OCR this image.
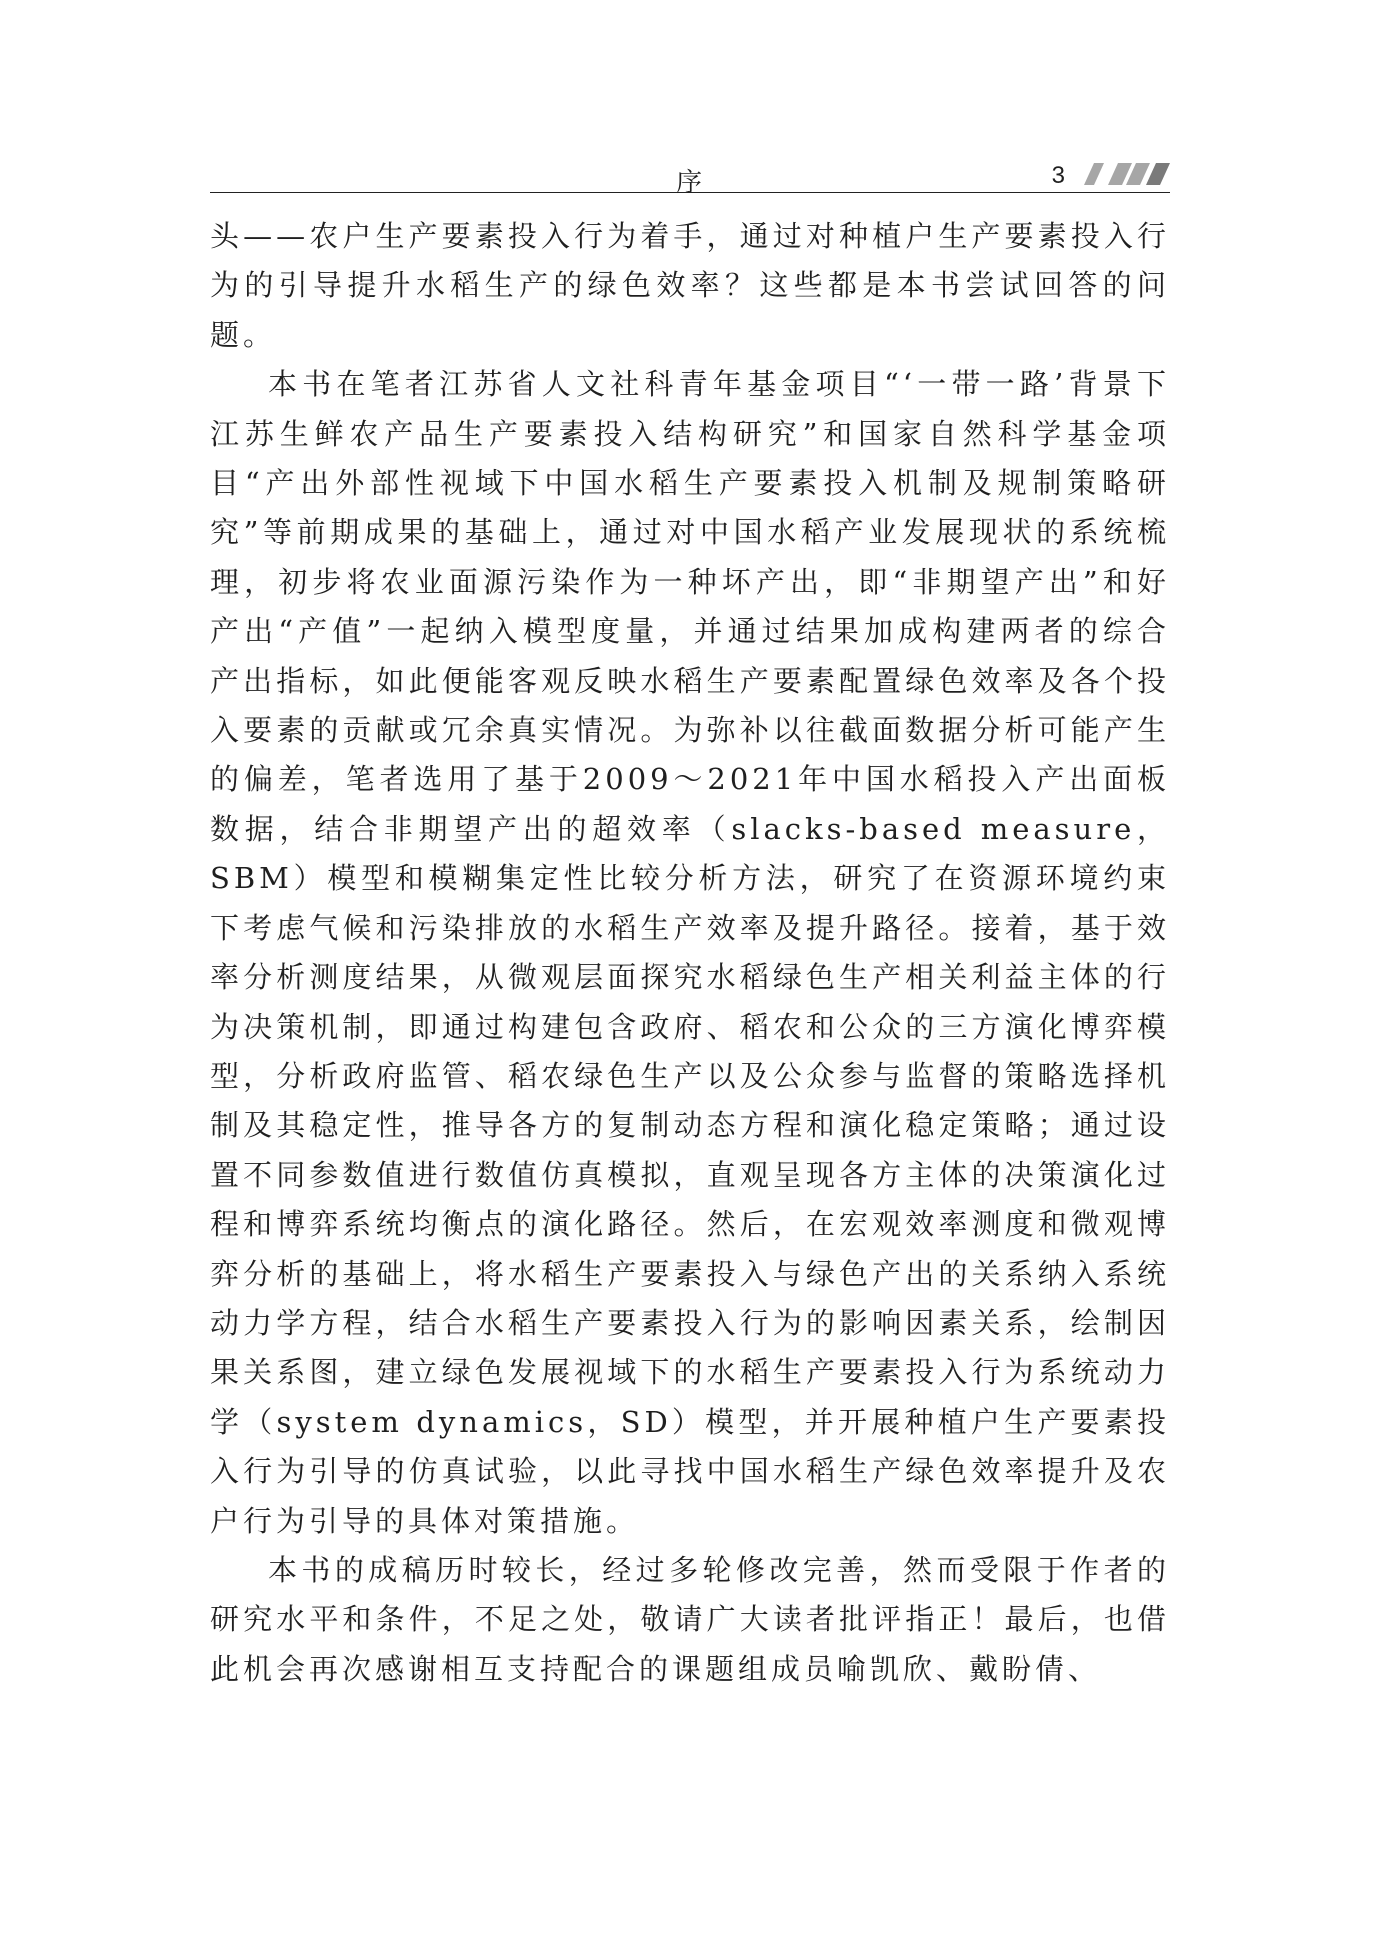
序	3

头——农户生产要素投入行为着手，通过对种植户生产要素投入行为的引导提升水稻生产的绿色效率？这些都是本书尝试回答的问题。

本书在笔者江苏省人文社科青年基金项目“‘一带一路’背景下江苏生鲜农产品生产要素投入结构研究”和国家自然科学基金项目“产出外部性视域下中国水稻生产要素投入机制及规制策略研究”等前期成果的基础上，通过对中国水稻产业发展现状的系统梳理，初步将农业面源污染作为一种坏产出，即“非期望产出”和好产出“产值”一起纳入模型度量，并通过结果加成构建两者的综合产出指标，如此便能客观反映水稻生产要素配置绿色效率及各个投入要素的贡献或冗余真实情况。为弥补以往截面数据分析可能产生的偏差，笔者选用了基于2009～2021年中国水稻投入产出面板数据，结合非期望产出的超效率（slacks-based measure，SBM）模型和模糊集定性比较分析方法，研究了在资源环境约束下考虑气候和污染排放的水稻生产效率及提升路径。接着，基于效率分析测度结果，从微观层面探究水稻绿色生产相关利益主体的行为决策机制，即通过构建包含政府、稻农和公众的三方演化博弈模型，分析政府监管、稻农绿色生产以及公众参与监督的策略选择机制及其稳定性，推导各方的复制动态方程和演化稳定策略；通过设置不同参数值进行数值仿真模拟，直观呈现各方主体的决策演化过程和博弈系统均衡点的演化路径。然后，在宏观效率测度和微观博弈分析的基础上，将水稻生产要素投入与绿色产出的关系纳入系统动力学方程，结合水稻生产要素投入行为的影响因素关系，绘制因果关系图，建立绿色发展视域下的水稻生产要素投入行为系统动力学（system dynamics，SD）模型，并开展种植户生产要素投入行为引导的仿真试验，以此寻找中国水稻生产绿色效率提升及农户行为引导的具体对策措施。

本书的成稿历时较长，经过多轮修改完善，然而受限于作者的研究水平和条件，不足之处，敬请广大读者批评指正！最后，也借此机会再次感谢相互支持配合的课题组成员喻凯欣、戴盼倩、
